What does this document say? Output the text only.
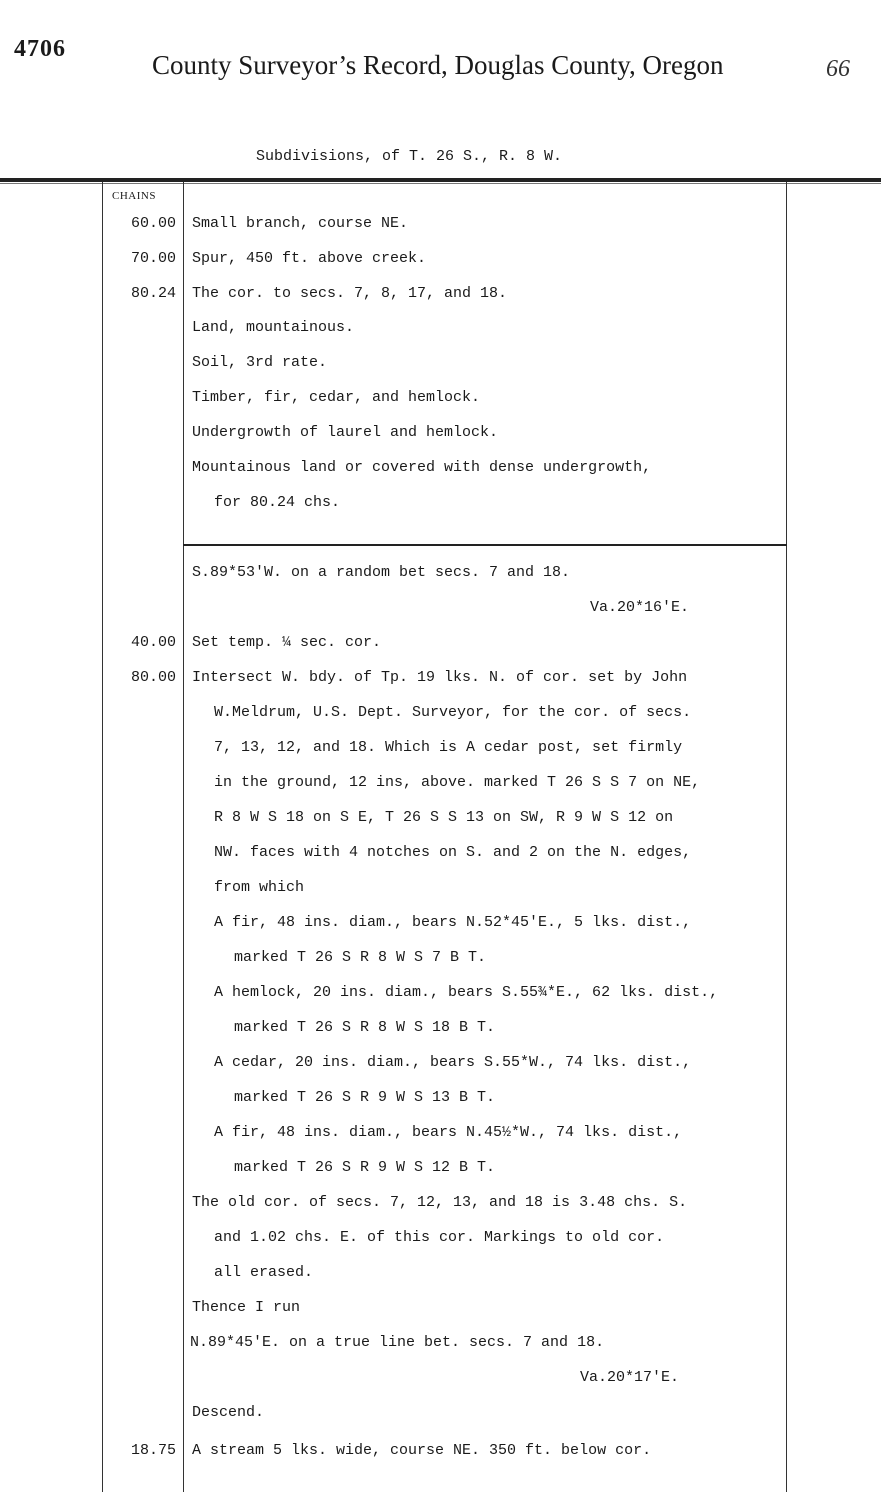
4706
County Surveyor’s Record, Douglas County, Oregon	66
Subdivisions, of T. 26 S., R. 8 W.
CHAINS
60.00
70.00
80.24
40.00
80.00
18.75
Small branch, course NE.
Spur, 450 ft. above creek.
The cor. to secs. 7, 8, 17, and 18.
Land, mountainous.
Soil, 3rd rate.
Timber, fir, cedar, and hemlock.
Undergrowth of laurel and hemlock.
Mountainous land or covered with dense undergrowth,
for 80.24 chs.
S.89*53'W. on a random bet secs. 7 and 18.
Va.20*16'E.
Set temp. ¼ sec. cor.
Intersect W. bdy. of Tp. 19 lks. N. of cor. set by John
W.Meldrum, U.S. Dept. Surveyor, for the cor. of secs.
7, 13, 12, and 18. Which is A cedar post, set firmly
in the ground, 12 ins, above. marked T 26 S S 7 on NE,
R 8 W S 18 on S E, T 26 S S 13 on SW, R 9 W S 12 on
NW. faces with 4 notches on S. and 2 on the N. edges,
from which
A fir, 48 ins. diam., bears N.52*45'E., 5 lks. dist.,
marked T 26 S R 8 W S 7 B T.
A hemlock, 20 ins. diam., bears S.55¾*E., 62 lks. dist.,
marked T 26 S R 8 W S 18 B T.
A cedar, 20 ins. diam., bears S.55*W., 74 lks. dist.,
marked T 26 S R 9 W S 13 B T.
A fir, 48 ins. diam., bears N.45½*W., 74 lks. dist.,
marked T 26 S R 9 W S 12 B T.
The old cor. of secs. 7, 12, 13, and 18 is 3.48 chs. S.
and 1.02 chs. E. of this cor. Markings to old cor.
all erased.
Thence I run
N.89*45'E. on a true line bet. secs. 7 and 18.
Va.20*17'E.
Descend.
A stream 5 lks. wide, course NE. 350 ft. below cor.
